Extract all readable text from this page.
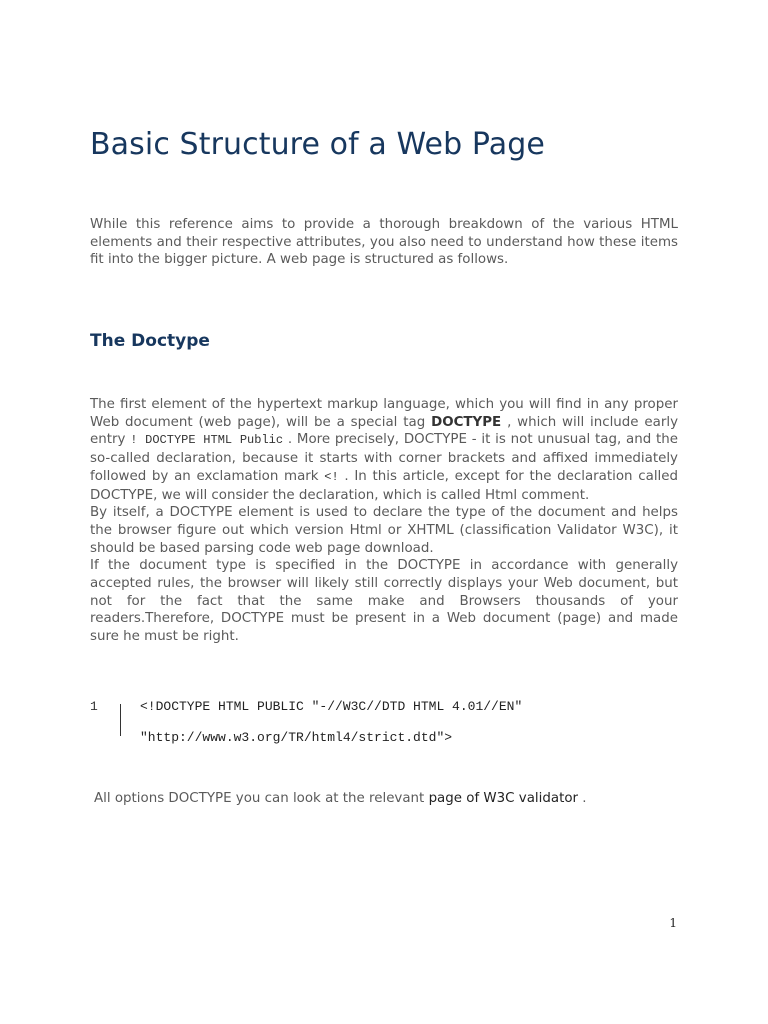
Basic Structure of a Web Page

While this reference aims to provide a thorough breakdown of the various HTML elements and their respective attributes, you also need to understand how these items fit into the bigger picture. A web page is structured as follows.

The Doctype
The first element of the hypertext markup language, which you will find in any proper Web document (web page), will be a special tag DOCTYPE , which will include early entry ! DOCTYPE HTML Public . More precisely, DOCTYPE - it is not unusual tag, and the so-called declaration, because it starts with corner brackets and affixed immediately followed by an exclamation mark <! . In this article, except for the declaration called DOCTYPE, we will consider the declaration, which is called Html comment.
By itself, a DOCTYPE element is used to declare the type of the document and helps the browser figure out which version Html or XHTML (classification Validator W3C), it should be based parsing code web page download.
If the document type is specified in the DOCTYPE in accordance with generally accepted rules, the browser will likely still correctly displays your Web document, but not for the fact that the same make and Browsers thousands of your readers.Therefore, DOCTYPE must be present in a Web document (page) and made sure he must be right.
1	<!DOCTYPE HTML PUBLIC "-//W3C//DTD HTML 4.01//EN"
"http://www.w3.org/TR/html4/strict.dtd">

All options DOCTYPE you can look at the relevant page of W3C validator .

1
